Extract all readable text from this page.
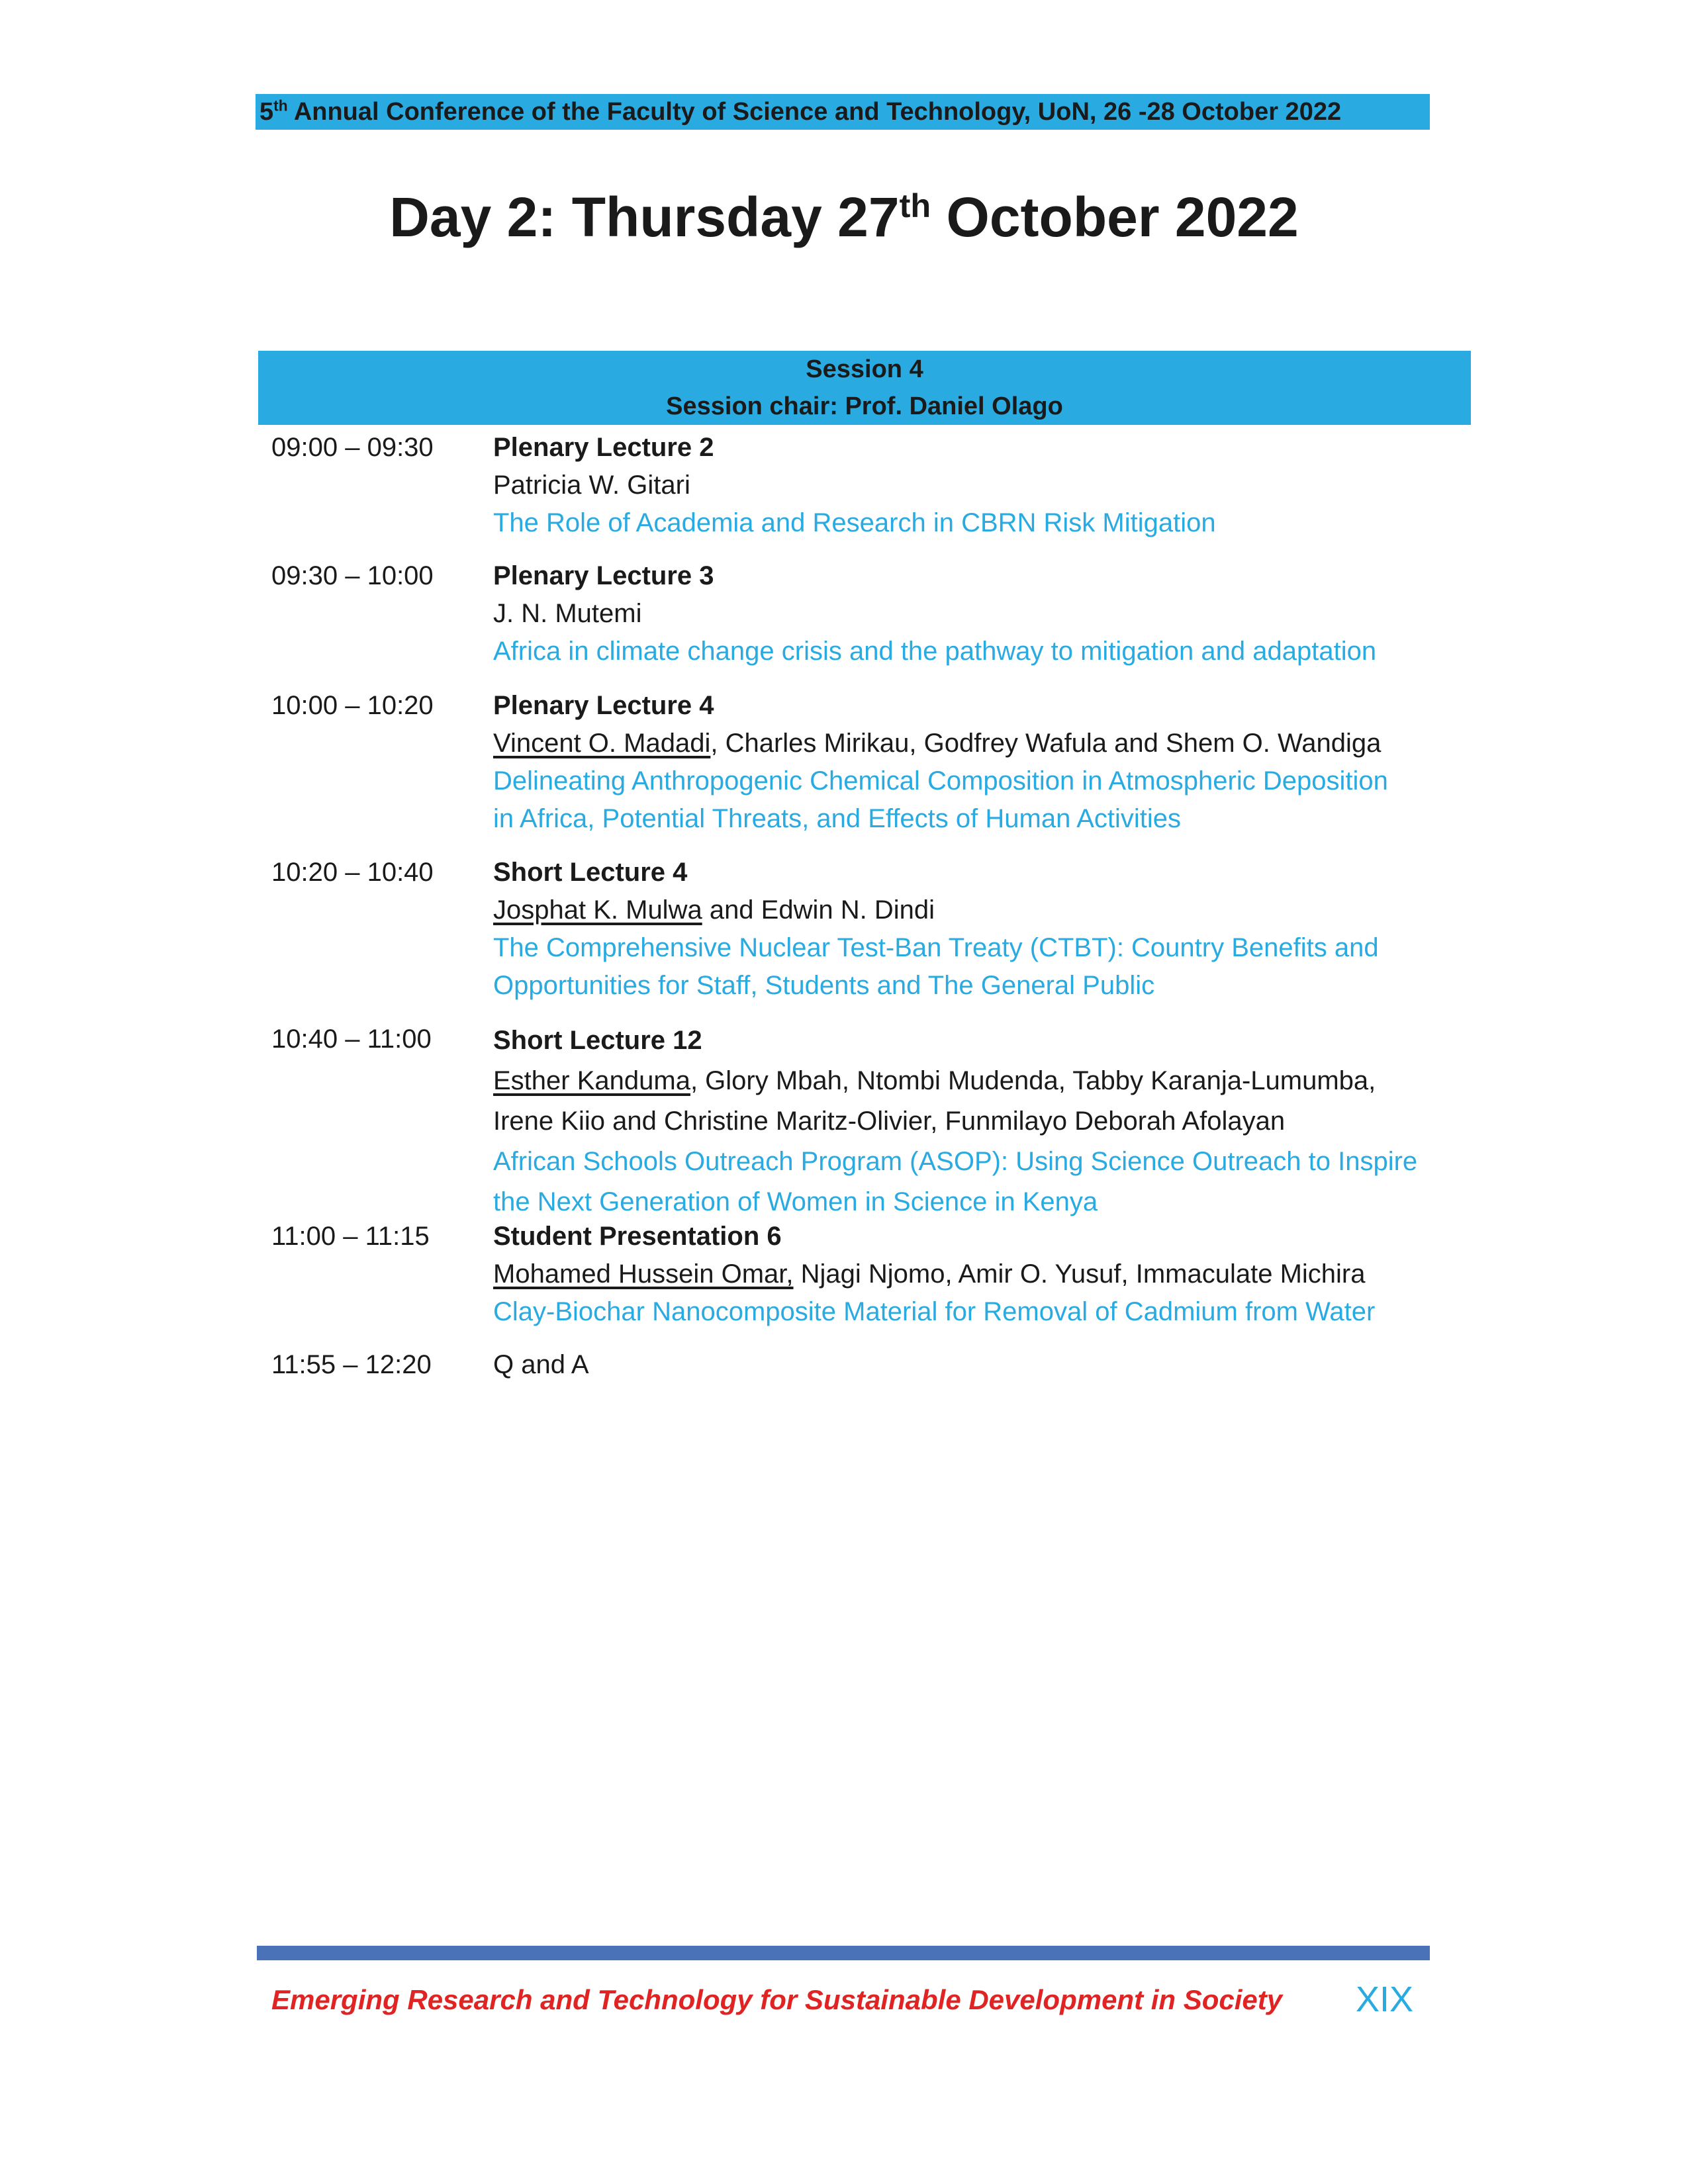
5th Annual Conference of the Faculty of Science and Technology, UoN, 26 -28 October 2022
Day 2: Thursday 27th October 2022
Session 4
Session chair: Prof. Daniel Olago
09:00 – 09:30	Plenary Lecture 2
Patricia W. Gitari
The Role of Academia and Research in CBRN Risk Mitigation
09:30 – 10:00	Plenary Lecture 3
J. N. Mutemi
Africa in climate change crisis and the pathway to mitigation and adaptation
10:00 – 10:20	Plenary Lecture 4
Vincent O. Madadi, Charles Mirikau, Godfrey Wafula and Shem O. Wandiga
Delineating Anthropogenic Chemical Composition in Atmospheric Deposition
in Africa, Potential Threats, and Effects of Human Activities
10:20 – 10:40	Short Lecture 4
Josphat K. Mulwa and Edwin N. Dindi
The Comprehensive Nuclear Test-Ban Treaty (CTBT): Country Benefits and
Opportunities for Staff, Students and The General Public
10:40 – 11:00	Short Lecture 12
Esther Kanduma, Glory Mbah, Ntombi Mudenda, Tabby Karanja-Lumumba,
Irene Kiio and Christine Maritz-Olivier, Funmilayo Deborah Afolayan
African Schools Outreach Program (ASOP): Using Science Outreach to Inspire
the Next Generation of Women in Science in Kenya
11:00 – 11:15	Student Presentation 6
Mohamed Hussein Omar, Njagi Njomo, Amir O. Yusuf, Immaculate Michira
Clay-Biochar Nanocomposite Material for Removal of Cadmium from Water
11:55 – 12:20	Q and A
Emerging Research and Technology for Sustainable Development in Society XIX
